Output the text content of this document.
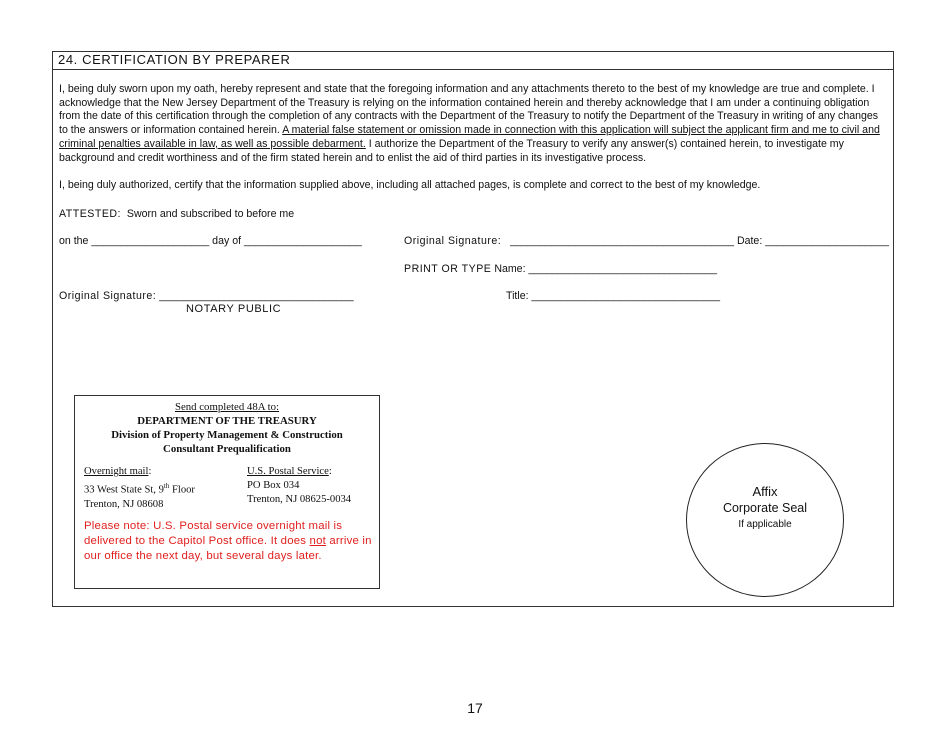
24. CERTIFICATION BY PREPARER
I, being duly sworn upon my oath, hereby represent and state that the foregoing information and any attachments thereto to the best of my knowledge are true and complete. I acknowledge that the New Jersey Department of the Treasury is relying on the information contained herein and thereby acknowledge that I am under a continuing obligation from the date of this certification through the completion of any contracts with the Department of the Treasury to notify the Department of the Treasury in writing of any changes to the answers or information contained herein. A material false statement or omission made in connection with this application will subject the applicant firm and me to civil and criminal penalties available in law, as well as possible debarment. I authorize the Department of the Treasury to verify any answer(s) contained herein, to investigate my background and credit worthiness and of the firm stated herein and to enlist the aid of third parties in its investigative process.
I, being duly authorized, certify that the information supplied above, including all attached pages, is complete and correct to the best of my knowledge.
ATTESTED: Sworn and subscribed to before me
on the ____________________ day of ____________________	Original Signature: ______________________________________ Date: _____________________
PRINT OR TYPE Name: ________________________________
Original Signature: _________________________________	Title: ________________________________
NOTARY PUBLIC
Send completed 48A to:
DEPARTMENT OF THE TREASURY
Division of Property Management & Construction
Consultant Prequalification
Overnight mail:
33 West State St, 9th Floor
Trenton, NJ 08608
U.S. Postal Service:
PO Box 034
Trenton, NJ 08625-0034
Please note: U.S. Postal service overnight mail is delivered to the Capitol Post office. It does not arrive in our office the next day, but several days later.
Affix
Corporate Seal
If applicable
17
